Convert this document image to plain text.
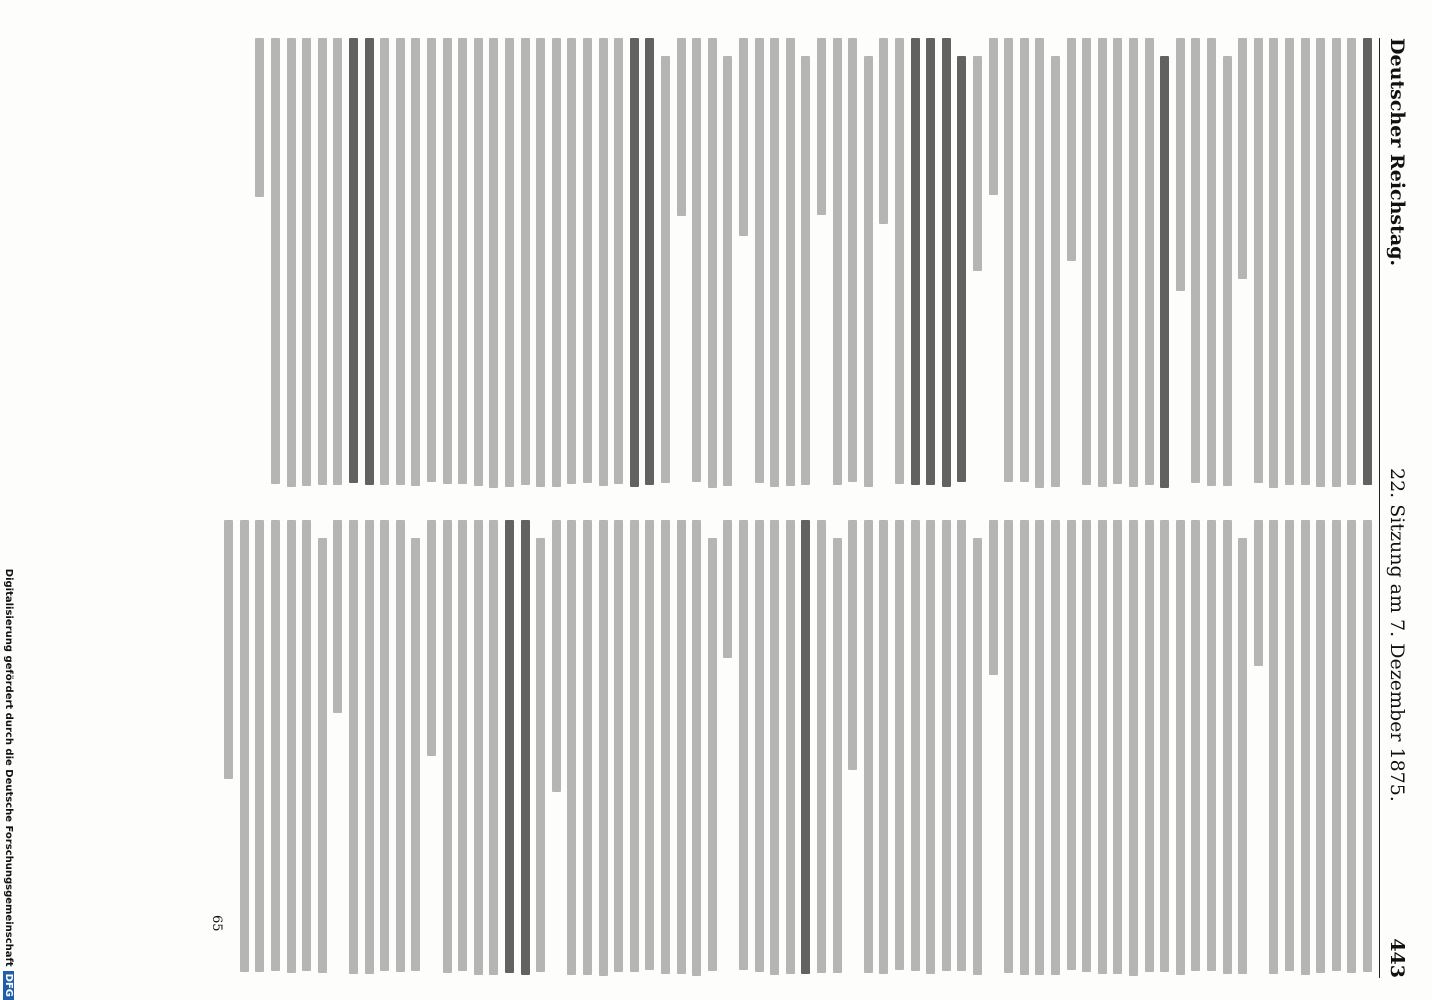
Deutscher Reichstag.
22. Sitzung am 7. Dezember 1875.
443
65
Digitalisierung gefördert durch die Deutsche ForschungsgemeinschaftDFG
